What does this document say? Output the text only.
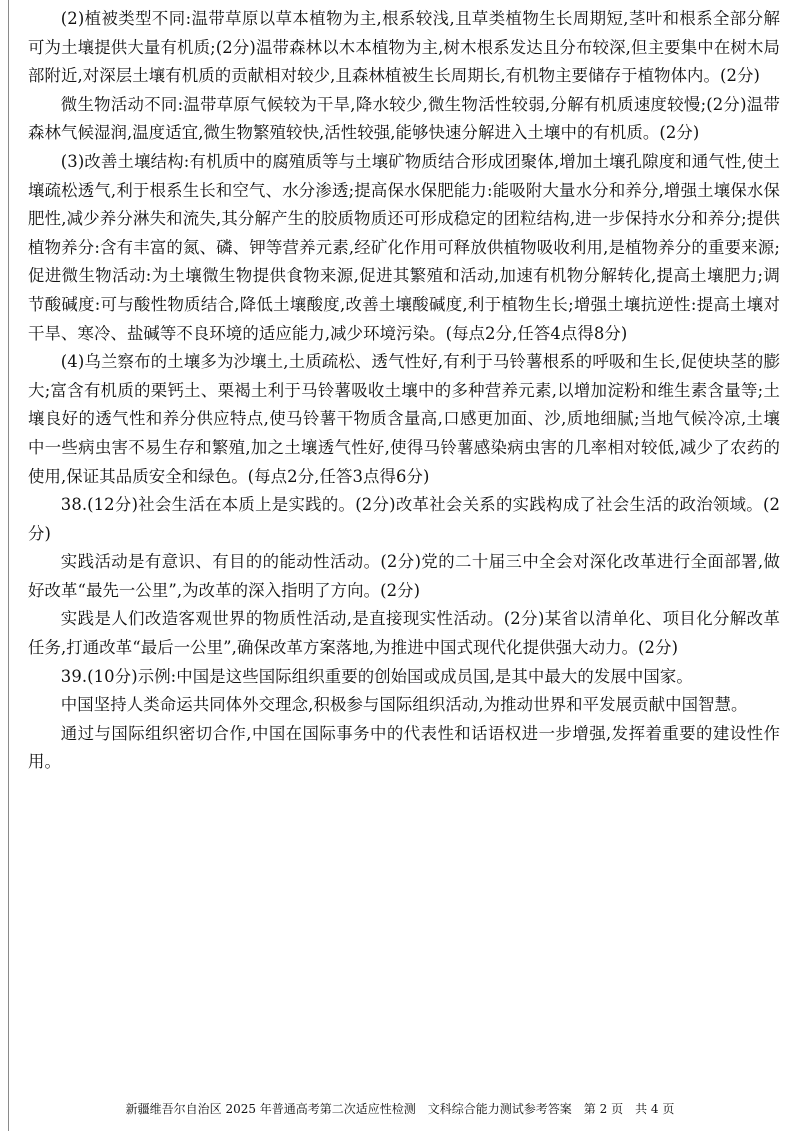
(2)植被类型不同:温带草原以草本植物为主,根系较浅,且草类植物生长周期短,茎叶和根系全部分解可为土壤提供大量有机质;(2分)温带森林以木本植物为主,树木根系发达且分布较深,但主要集中在树木局部附近,对深层土壤有机质的贡献相对较少,且森林植被生长周期长,有机物主要储存于植物体内。(2分)

微生物活动不同:温带草原气候较为干旱,降水较少,微生物活性较弱,分解有机质速度较慢;(2分)温带森林气候湿润,温度适宜,微生物繁殖较快,活性较强,能够快速分解进入土壤中的有机质。(2分)

(3)改善土壤结构:有机质中的腐殖质等与土壤矿物质结合形成团聚体,增加土壤孔隙度和通气性,使土壤疏松透气,利于根系生长和空气、水分渗透;提高保水保肥能力:能吸附大量水分和养分,增强土壤保水保肥性,减少养分淋失和流失,其分解产生的胶质物质还可形成稳定的团粒结构,进一步保持水分和养分;提供植物养分:含有丰富的氮、磷、钾等营养元素,经矿化作用可释放供植物吸收利用,是植物养分的重要来源;促进微生物活动:为土壤微生物提供食物来源,促进其繁殖和活动,加速有机物分解转化,提高土壤肥力;调节酸碱度:可与酸性物质结合,降低土壤酸度,改善土壤酸碱度,利于植物生长;增强土壤抗逆性:提高土壤对干旱、寒冷、盐碱等不良环境的适应能力,减少环境污染。(每点2分,任答4点得8分)

(4)乌兰察布的土壤多为沙壤土,土质疏松、透气性好,有利于马铃薯根系的呼吸和生长,促使块茎的膨大;富含有机质的栗钙土、栗褐土利于马铃薯吸收土壤中的多种营养元素,以增加淀粉和维生素含量等;土壤良好的透气性和养分供应特点,使马铃薯干物质含量高,口感更加面、沙,质地细腻;当地气候冷凉,土壤中一些病虫害不易生存和繁殖,加之土壤透气性好,使得马铃薯感染病虫害的几率相对较低,减少了农药的使用,保证其品质安全和绿色。(每点2分,任答3点得6分)

38.(12分)社会生活在本质上是实践的。(2分)改革社会关系的实践构成了社会生活的政治领域。(2分)

实践活动是有意识、有目的的能动性活动。(2分)党的二十届三中全会对深化改革进行全面部署,做好改革“最先一公里”,为改革的深入指明了方向。(2分)

实践是人们改造客观世界的物质性活动,是直接现实性活动。(2分)某省以清单化、项目化分解改革任务,打通改革“最后一公里”,确保改革方案落地,为推进中国式现代化提供强大动力。(2分)

39.(10分)示例:中国是这些国际组织重要的创始国或成员国,是其中最大的发展中国家。

中国坚持人类命运共同体外交理念,积极参与国际组织活动,为推动世界和平发展贡献中国智慧。

通过与国际组织密切合作,中国在国际事务中的代表性和话语权进一步增强,发挥着重要的建设性作用。

新疆维吾尔自治区 2025 年普通高考第二次适应性检测　文科综合能力测试参考答案　第 2 页　共 4 页
